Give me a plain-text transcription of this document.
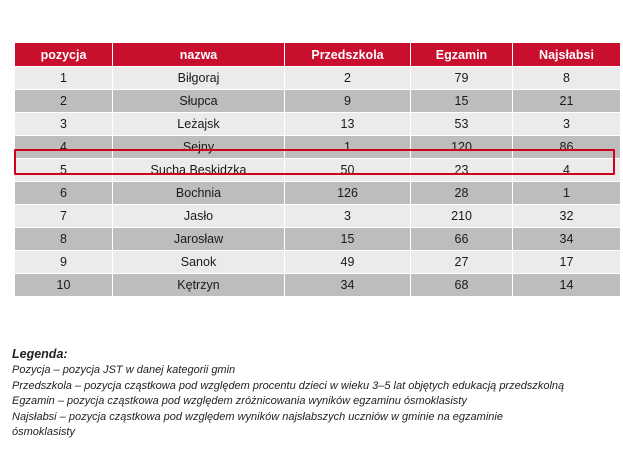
pozycja	nazwa	Przedszkola	Egzamin	Najsłabsi
1	Biłgoraj	2	79	8
2	Słupca	9	15	21
3	Leżajsk	13	53	3
4	Sejny	1	120	86
5	Sucha Beskidzka	50	23	4
6	Bochnia	126	28	1
7	Jasło	3	210	32
8	Jarosław	15	66	34
9	Sanok	49	27	17
10	Kętrzyn	34	68	14

Legenda:

Pozycja – pozycja JST w danej kategorii gmin

Przedszkola – pozycja cząstkowa pod względem procentu dzieci w wieku 3–5 lat objętych edukacją przedszkolną

Egzamin – pozycja cząstkowa pod względem zróżnicowania wyników egzaminu ósmoklasisty

Najsłabsi – pozycja cząstkowa pod względem wyników najsłabszych uczniów w gminie na egzaminie

ósmoklasisty
